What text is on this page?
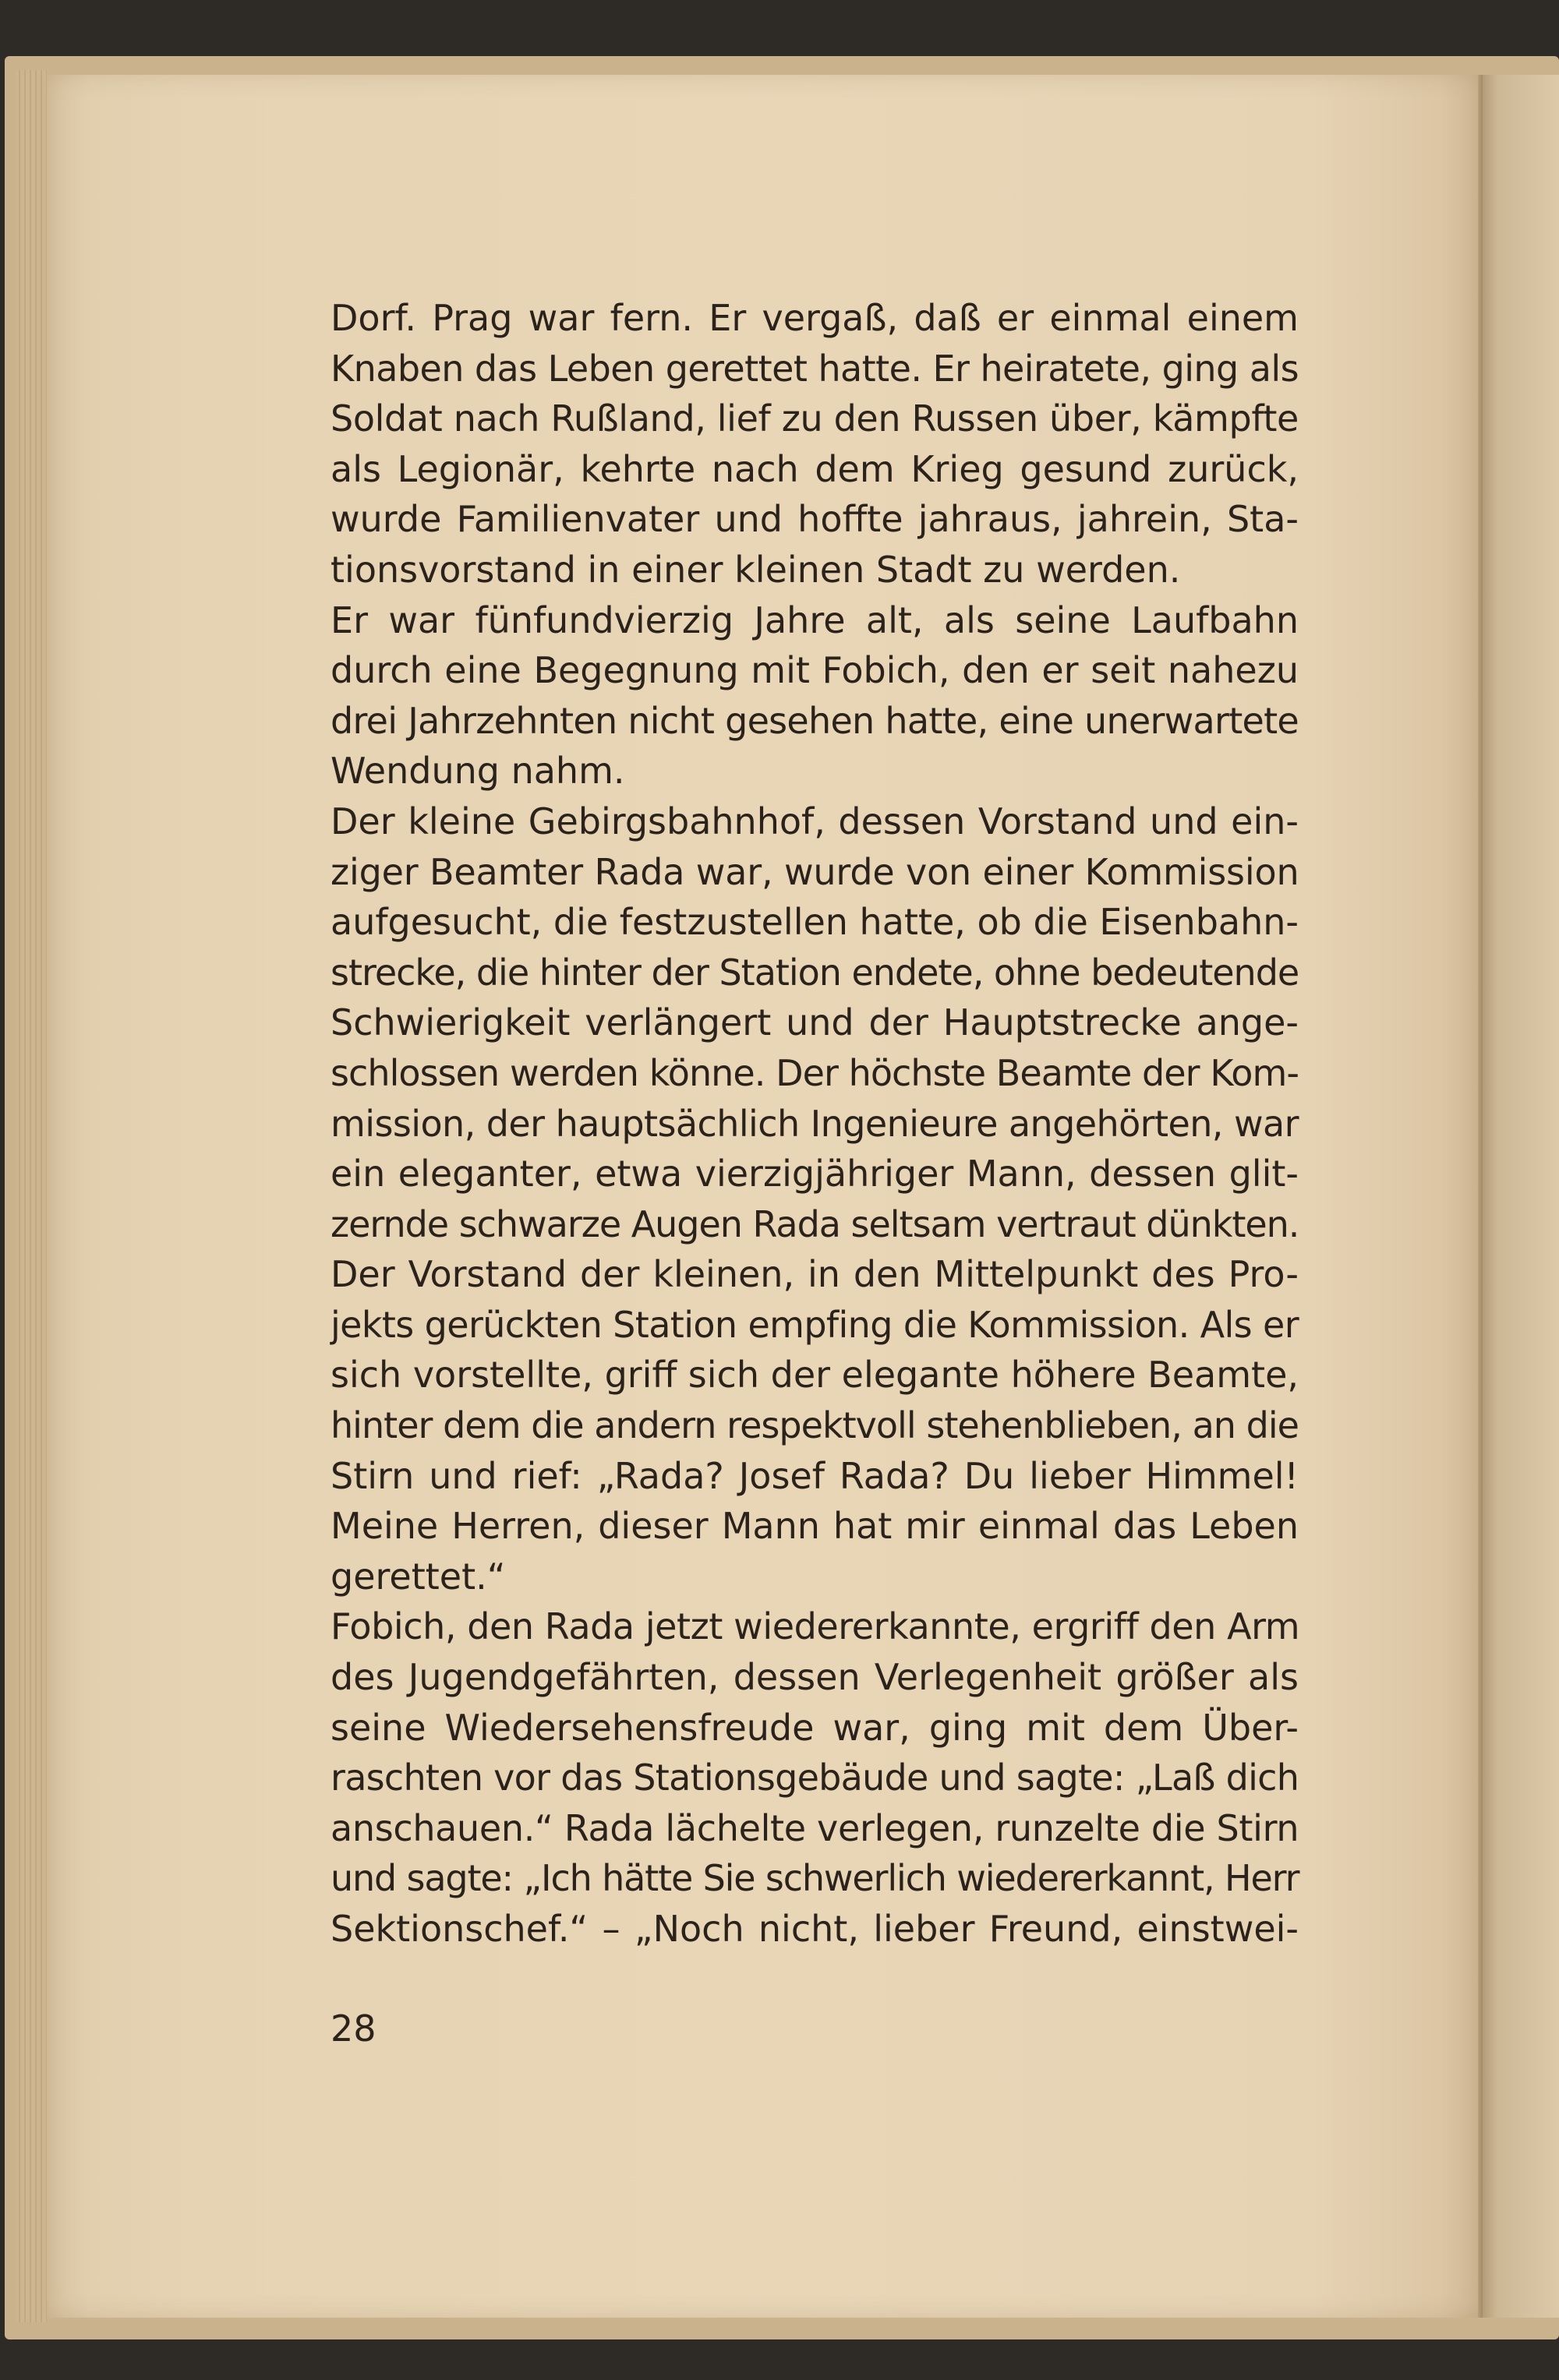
Dorf. Prag war fern. Er vergaß, daß er einmal einem
Knaben das Leben gerettet hatte. Er heiratete, ging als
Soldat nach Rußland, lief zu den Russen über, kämpfte
als Legionär, kehrte nach dem Krieg gesund zurück,
wurde Familienvater und hoffte jahraus, jahrein, Sta-
tionsvorstand in einer kleinen Stadt zu werden.
Er war fünfundvierzig Jahre alt, als seine Laufbahn
durch eine Begegnung mit Fobich, den er seit nahezu
drei Jahrzehnten nicht gesehen hatte, eine unerwartete
Wendung nahm.
Der kleine Gebirgsbahnhof, dessen Vorstand und ein-
ziger Beamter Rada war, wurde von einer Kommission
aufgesucht, die festzustellen hatte, ob die Eisenbahn-
strecke, die hinter der Station endete, ohne bedeutende
Schwierigkeit verlängert und der Hauptstrecke ange-
schlossen werden könne. Der höchste Beamte der Kom-
mission, der hauptsächlich Ingenieure angehörten, war
ein eleganter, etwa vierzigjähriger Mann, dessen glit-
zernde schwarze Augen Rada seltsam vertraut dünkten.
Der Vorstand der kleinen, in den Mittelpunkt des Pro-
jekts gerückten Station empfing die Kommission. Als er
sich vorstellte, griff sich der elegante höhere Beamte,
hinter dem die andern respektvoll stehenblieben, an die
Stirn und rief: „Rada? Josef Rada? Du lieber Himmel!
Meine Herren, dieser Mann hat mir einmal das Leben
gerettet.“
Fobich, den Rada jetzt wiedererkannte, ergriff den Arm
des Jugendgefährten, dessen Verlegenheit größer als
seine Wiedersehensfreude war, ging mit dem Über-
raschten vor das Stationsgebäude und sagte: „Laß dich
anschauen.“ Rada lächelte verlegen, runzelte die Stirn
und sagte: „Ich hätte Sie schwerlich wiedererkannt, Herr
Sektionschef.“ – „Noch nicht, lieber Freund, einstwei-
28
